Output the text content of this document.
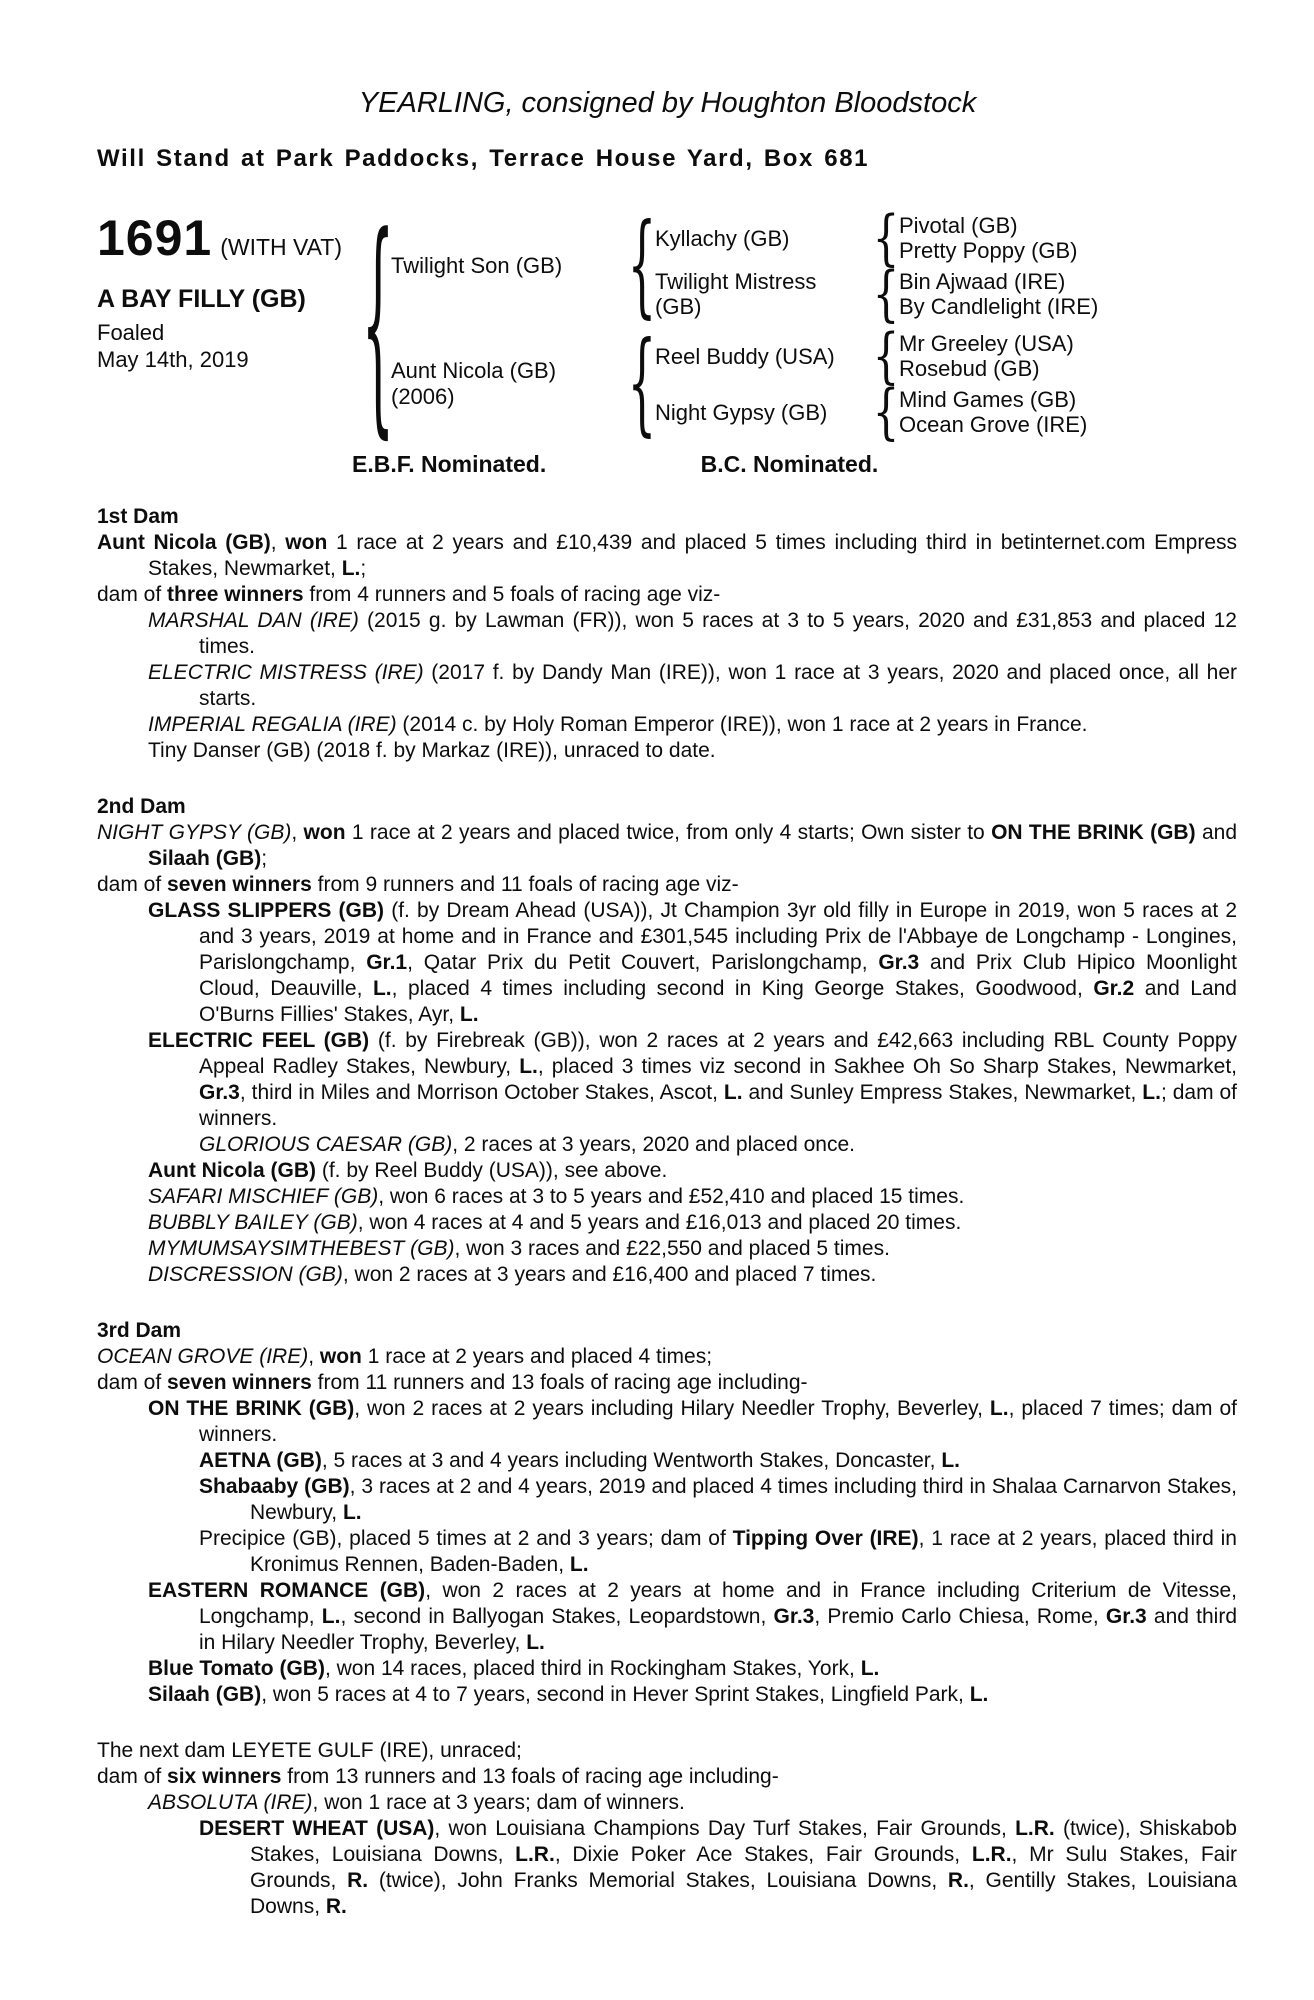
YEARLING, consigned by Houghton Bloodstock
Will Stand at Park Paddocks, Terrace House Yard, Box 681
1691 (WITH VAT)
A BAY FILLY (GB)
Foaled
May 14th, 2019	{
Twilight Son (GB)	{
Kyllachy (GB)	{ Pivotal (GB)
Pretty Poppy (GB)
Twilight Mistress (GB)	{ Bin Ajwaad (IRE)
By Candlelight (IRE)
Aunt Nicola (GB)
(2006)	{
Reel Buddy (USA) { Mr Greeley (USA)
Rosebud (GB)
Night Gypsy (GB) { Mind Games (GB)
Ocean Grove (IRE)
E.B.F. Nominated.	B.C. Nominated.
1st Dam
Aunt Nicola (GB), won 1 race at 2 years and £10,439 and placed 5 times including third in betinternet.com Empress Stakes, Newmarket, L.;
dam of three winners from 4 runners and 5 foals of racing age viz-
MARSHAL DAN (IRE) (2015 g. by Lawman (FR)), won 5 races at 3 to 5 years, 2020 and £31,853 and placed 12 times.
ELECTRIC MISTRESS (IRE) (2017 f. by Dandy Man (IRE)), won 1 race at 3 years, 2020 and placed once, all her starts.
IMPERIAL REGALIA (IRE) (2014 c. by Holy Roman Emperor (IRE)), won 1 race at 2 years in France.
Tiny Danser (GB) (2018 f. by Markaz (IRE)), unraced to date.
2nd Dam
NIGHT GYPSY (GB), won 1 race at 2 years and placed twice, from only 4 starts; Own sister to ON THE BRINK (GB) and Silaah (GB);
dam of seven winners from 9 runners and 11 foals of racing age viz-
GLASS SLIPPERS (GB) (f. by Dream Ahead (USA)), Jt Champion 3yr old filly in Europe in 2019, won 5 races at 2 and 3 years, 2019 at home and in France and £301,545 including Prix de l'Abbaye de Longchamp - Longines, Parislongchamp, Gr.1, Qatar Prix du Petit Couvert, Parislongchamp, Gr.3 and Prix Club Hipico Moonlight Cloud, Deauville, L., placed 4 times including second in King George Stakes, Goodwood, Gr.2 and Land O'Burns Fillies' Stakes, Ayr, L.
ELECTRIC FEEL (GB) (f. by Firebreak (GB)), won 2 races at 2 years and £42,663 including RBL County Poppy Appeal Radley Stakes, Newbury, L., placed 3 times viz second in Sakhee Oh So Sharp Stakes, Newmarket, Gr.3, third in Miles and Morrison October Stakes, Ascot, L. and Sunley Empress Stakes, Newmarket, L.; dam of winners.
GLORIOUS CAESAR (GB), 2 races at 3 years, 2020 and placed once.
Aunt Nicola (GB) (f. by Reel Buddy (USA)), see above.
SAFARI MISCHIEF (GB), won 6 races at 3 to 5 years and £52,410 and placed 15 times.
BUBBLY BAILEY (GB), won 4 races at 4 and 5 years and £16,013 and placed 20 times.
MYMUMSAYSIMTHEBEST (GB), won 3 races and £22,550 and placed 5 times.
DISCRESSION (GB), won 2 races at 3 years and £16,400 and placed 7 times.
3rd Dam
OCEAN GROVE (IRE), won 1 race at 2 years and placed 4 times;
dam of seven winners from 11 runners and 13 foals of racing age including-
ON THE BRINK (GB), won 2 races at 2 years including Hilary Needler Trophy, Beverley, L., placed 7 times; dam of winners.
AETNA (GB), 5 races at 3 and 4 years including Wentworth Stakes, Doncaster, L.
Shabaaby (GB), 3 races at 2 and 4 years, 2019 and placed 4 times including third in Shalaa Carnarvon Stakes, Newbury, L.
Precipice (GB), placed 5 times at 2 and 3 years; dam of Tipping Over (IRE), 1 race at 2 years, placed third in Kronimus Rennen, Baden-Baden, L.
EASTERN ROMANCE (GB), won 2 races at 2 years at home and in France including Criterium de Vitesse, Longchamp, L., second in Ballyogan Stakes, Leopardstown, Gr.3, Premio Carlo Chiesa, Rome, Gr.3 and third in Hilary Needler Trophy, Beverley, L.
Blue Tomato (GB), won 14 races, placed third in Rockingham Stakes, York, L.
Silaah (GB), won 5 races at 4 to 7 years, second in Hever Sprint Stakes, Lingfield Park, L.
The next dam LEYETE GULF (IRE), unraced;
dam of six winners from 13 runners and 13 foals of racing age including-
ABSOLUTA (IRE), won 1 race at 3 years; dam of winners.
DESERT WHEAT (USA), won Louisiana Champions Day Turf Stakes, Fair Grounds, L.R. (twice), Shiskabob Stakes, Louisiana Downs, L.R., Dixie Poker Ace Stakes, Fair Grounds, L.R., Mr Sulu Stakes, Fair Grounds, R. (twice), John Franks Memorial Stakes, Louisiana Downs, R., Gentilly Stakes, Louisiana Downs, R.
